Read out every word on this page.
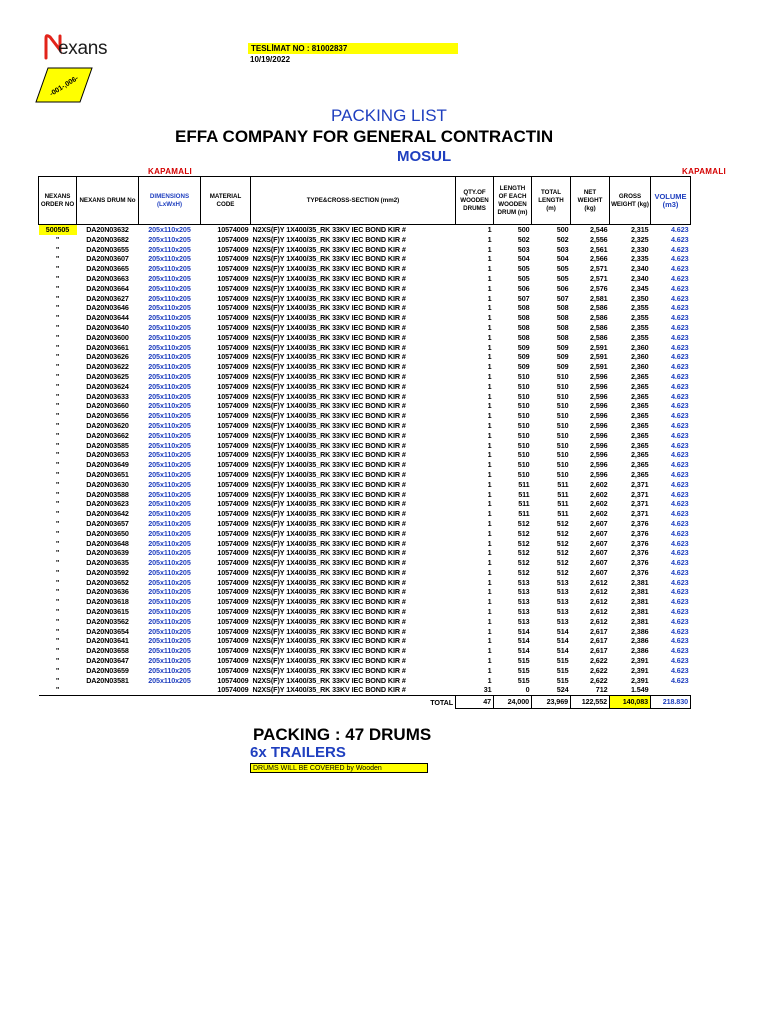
exans
-001-,006-
TESLİMAT NO : 81002837
10/19/2022
PACKING LIST
EFFA COMPANY FOR GENERAL CONTRACTIN
MOSUL
KAPAMALI	KAPAMALI
NEXANS ORDER NO	NEXANS DRUM No	DIMENSIONS (LxWxH)	MATERIAL CODE	TYPE&CROSS-SECTION (mm2)	QTY.OF WOODEN DRUMS	LENGTH OF EACH WOODEN DRUM (m)	TOTAL LENGTH (m)	NET WEIGHT (kg)	GROSS WEIGHT (kg)	VOLUME (m3)
500505	DA20N03632	205x110x205	10574009	N2XS(F)Y 1X400/35_RK 33KV IEC BOND KIR #	1	500	500	2,546	2,315	4.623
"	DA20N03682	205x110x205	10574009	N2XS(F)Y 1X400/35_RK 33KV IEC BOND KIR #	1	502	502	2,556	2,325	4.623
"	DA20N03655	205x110x205	10574009	N2XS(F)Y 1X400/35_RK 33KV IEC BOND KIR #	1	503	503	2,561	2,330	4.623
"	DA20N03607	205x110x205	10574009	N2XS(F)Y 1X400/35_RK 33KV IEC BOND KIR #	1	504	504	2,566	2,335	4.623
"	DA20N03665	205x110x205	10574009	N2XS(F)Y 1X400/35_RK 33KV IEC BOND KIR #	1	505	505	2,571	2,340	4.623
"	DA20N03663	205x110x205	10574009	N2XS(F)Y 1X400/35_RK 33KV IEC BOND KIR #	1	505	505	2,571	2,340	4.623
"	DA20N03664	205x110x205	10574009	N2XS(F)Y 1X400/35_RK 33KV IEC BOND KIR #	1	506	506	2,576	2,345	4.623
"	DA20N03627	205x110x205	10574009	N2XS(F)Y 1X400/35_RK 33KV IEC BOND KIR #	1	507	507	2,581	2,350	4.623
"	DA20N03646	205x110x205	10574009	N2XS(F)Y 1X400/35_RK 33KV IEC BOND KIR #	1	508	508	2,586	2,355	4.623
"	DA20N03644	205x110x205	10574009	N2XS(F)Y 1X400/35_RK 33KV IEC BOND KIR #	1	508	508	2,586	2,355	4.623
"	DA20N03640	205x110x205	10574009	N2XS(F)Y 1X400/35_RK 33KV IEC BOND KIR #	1	508	508	2,586	2,355	4.623
"	DA20N03600	205x110x205	10574009	N2XS(F)Y 1X400/35_RK 33KV IEC BOND KIR #	1	508	508	2,586	2,355	4.623
"	DA20N03661	205x110x205	10574009	N2XS(F)Y 1X400/35_RK 33KV IEC BOND KIR #	1	509	509	2,591	2,360	4.623
"	DA20N03626	205x110x205	10574009	N2XS(F)Y 1X400/35_RK 33KV IEC BOND KIR #	1	509	509	2,591	2,360	4.623
"	DA20N03622	205x110x205	10574009	N2XS(F)Y 1X400/35_RK 33KV IEC BOND KIR #	1	509	509	2,591	2,360	4.623
"	DA20N03625	205x110x205	10574009	N2XS(F)Y 1X400/35_RK 33KV IEC BOND KIR #	1	510	510	2,596	2,365	4.623
"	DA20N03624	205x110x205	10574009	N2XS(F)Y 1X400/35_RK 33KV IEC BOND KIR #	1	510	510	2,596	2,365	4.623
"	DA20N03633	205x110x205	10574009	N2XS(F)Y 1X400/35_RK 33KV IEC BOND KIR #	1	510	510	2,596	2,365	4.623
"	DA20N03660	205x110x205	10574009	N2XS(F)Y 1X400/35_RK 33KV IEC BOND KIR #	1	510	510	2,596	2,365	4.623
"	DA20N03656	205x110x205	10574009	N2XS(F)Y 1X400/35_RK 33KV IEC BOND KIR #	1	510	510	2,596	2,365	4.623
"	DA20N03620	205x110x205	10574009	N2XS(F)Y 1X400/35_RK 33KV IEC BOND KIR #	1	510	510	2,596	2,365	4.623
"	DA20N03662	205x110x205	10574009	N2XS(F)Y 1X400/35_RK 33KV IEC BOND KIR #	1	510	510	2,596	2,365	4.623
"	DA20N03585	205x110x205	10574009	N2XS(F)Y 1X400/35_RK 33KV IEC BOND KIR #	1	510	510	2,596	2,365	4.623
"	DA20N03653	205x110x205	10574009	N2XS(F)Y 1X400/35_RK 33KV IEC BOND KIR #	1	510	510	2,596	2,365	4.623
"	DA20N03649	205x110x205	10574009	N2XS(F)Y 1X400/35_RK 33KV IEC BOND KIR #	1	510	510	2,596	2,365	4.623
"	DA20N03651	205x110x205	10574009	N2XS(F)Y 1X400/35_RK 33KV IEC BOND KIR #	1	510	510	2,596	2,365	4.623
"	DA20N03630	205x110x205	10574009	N2XS(F)Y 1X400/35_RK 33KV IEC BOND KIR #	1	511	511	2,602	2,371	4.623
"	DA20N03588	205x110x205	10574009	N2XS(F)Y 1X400/35_RK 33KV IEC BOND KIR #	1	511	511	2,602	2,371	4.623
"	DA20N03623	205x110x205	10574009	N2XS(F)Y 1X400/35_RK 33KV IEC BOND KIR #	1	511	511	2,602	2,371	4.623
"	DA20N03642	205x110x205	10574009	N2XS(F)Y 1X400/35_RK 33KV IEC BOND KIR #	1	511	511	2,602	2,371	4.623
"	DA20N03657	205x110x205	10574009	N2XS(F)Y 1X400/35_RK 33KV IEC BOND KIR #	1	512	512	2,607	2,376	4.623
"	DA20N03650	205x110x205	10574009	N2XS(F)Y 1X400/35_RK 33KV IEC BOND KIR #	1	512	512	2,607	2,376	4.623
"	DA20N03648	205x110x205	10574009	N2XS(F)Y 1X400/35_RK 33KV IEC BOND KIR #	1	512	512	2,607	2,376	4.623
"	DA20N03639	205x110x205	10574009	N2XS(F)Y 1X400/35_RK 33KV IEC BOND KIR #	1	512	512	2,607	2,376	4.623
"	DA20N03635	205x110x205	10574009	N2XS(F)Y 1X400/35_RK 33KV IEC BOND KIR #	1	512	512	2,607	2,376	4.623
"	DA20N03592	205x110x205	10574009	N2XS(F)Y 1X400/35_RK 33KV IEC BOND KIR #	1	512	512	2,607	2,376	4.623
"	DA20N03652	205x110x205	10574009	N2XS(F)Y 1X400/35_RK 33KV IEC BOND KIR #	1	513	513	2,612	2,381	4.623
"	DA20N03636	205x110x205	10574009	N2XS(F)Y 1X400/35_RK 33KV IEC BOND KIR #	1	513	513	2,612	2,381	4.623
"	DA20N03618	205x110x205	10574009	N2XS(F)Y 1X400/35_RK 33KV IEC BOND KIR #	1	513	513	2,612	2,381	4.623
"	DA20N03615	205x110x205	10574009	N2XS(F)Y 1X400/35_RK 33KV IEC BOND KIR #	1	513	513	2,612	2,381	4.623
"	DA20N03562	205x110x205	10574009	N2XS(F)Y 1X400/35_RK 33KV IEC BOND KIR #	1	513	513	2,612	2,381	4.623
"	DA20N03654	205x110x205	10574009	N2XS(F)Y 1X400/35_RK 33KV IEC BOND KIR #	1	514	514	2,617	2,386	4.623
"	DA20N03641	205x110x205	10574009	N2XS(F)Y 1X400/35_RK 33KV IEC BOND KIR #	1	514	514	2,617	2,386	4.623
"	DA20N03658	205x110x205	10574009	N2XS(F)Y 1X400/35_RK 33KV IEC BOND KIR #	1	514	514	2,617	2,386	4.623
"	DA20N03647	205x110x205	10574009	N2XS(F)Y 1X400/35_RK 33KV IEC BOND KIR #	1	515	515	2,622	2,391	4.623
"	DA20N03659	205x110x205	10574009	N2XS(F)Y 1X400/35_RK 33KV IEC BOND KIR #	1	515	515	2,622	2,391	4.623
"	DA20N03581	205x110x205	10574009	N2XS(F)Y 1X400/35_RK 33KV IEC BOND KIR #	1	515	515	2,622	2,391	4.623
"			10574009	N2XS(F)Y 1X400/35_RK 33KV IEC BOND KIR #	31	0	524	712	1.549	
TOTAL					47	24,000	23,969	122,552	140,083	218.830
PACKING : 47 DRUMS
6x TRAILERS
DRUMS WILL BE COVERED by Wooden
